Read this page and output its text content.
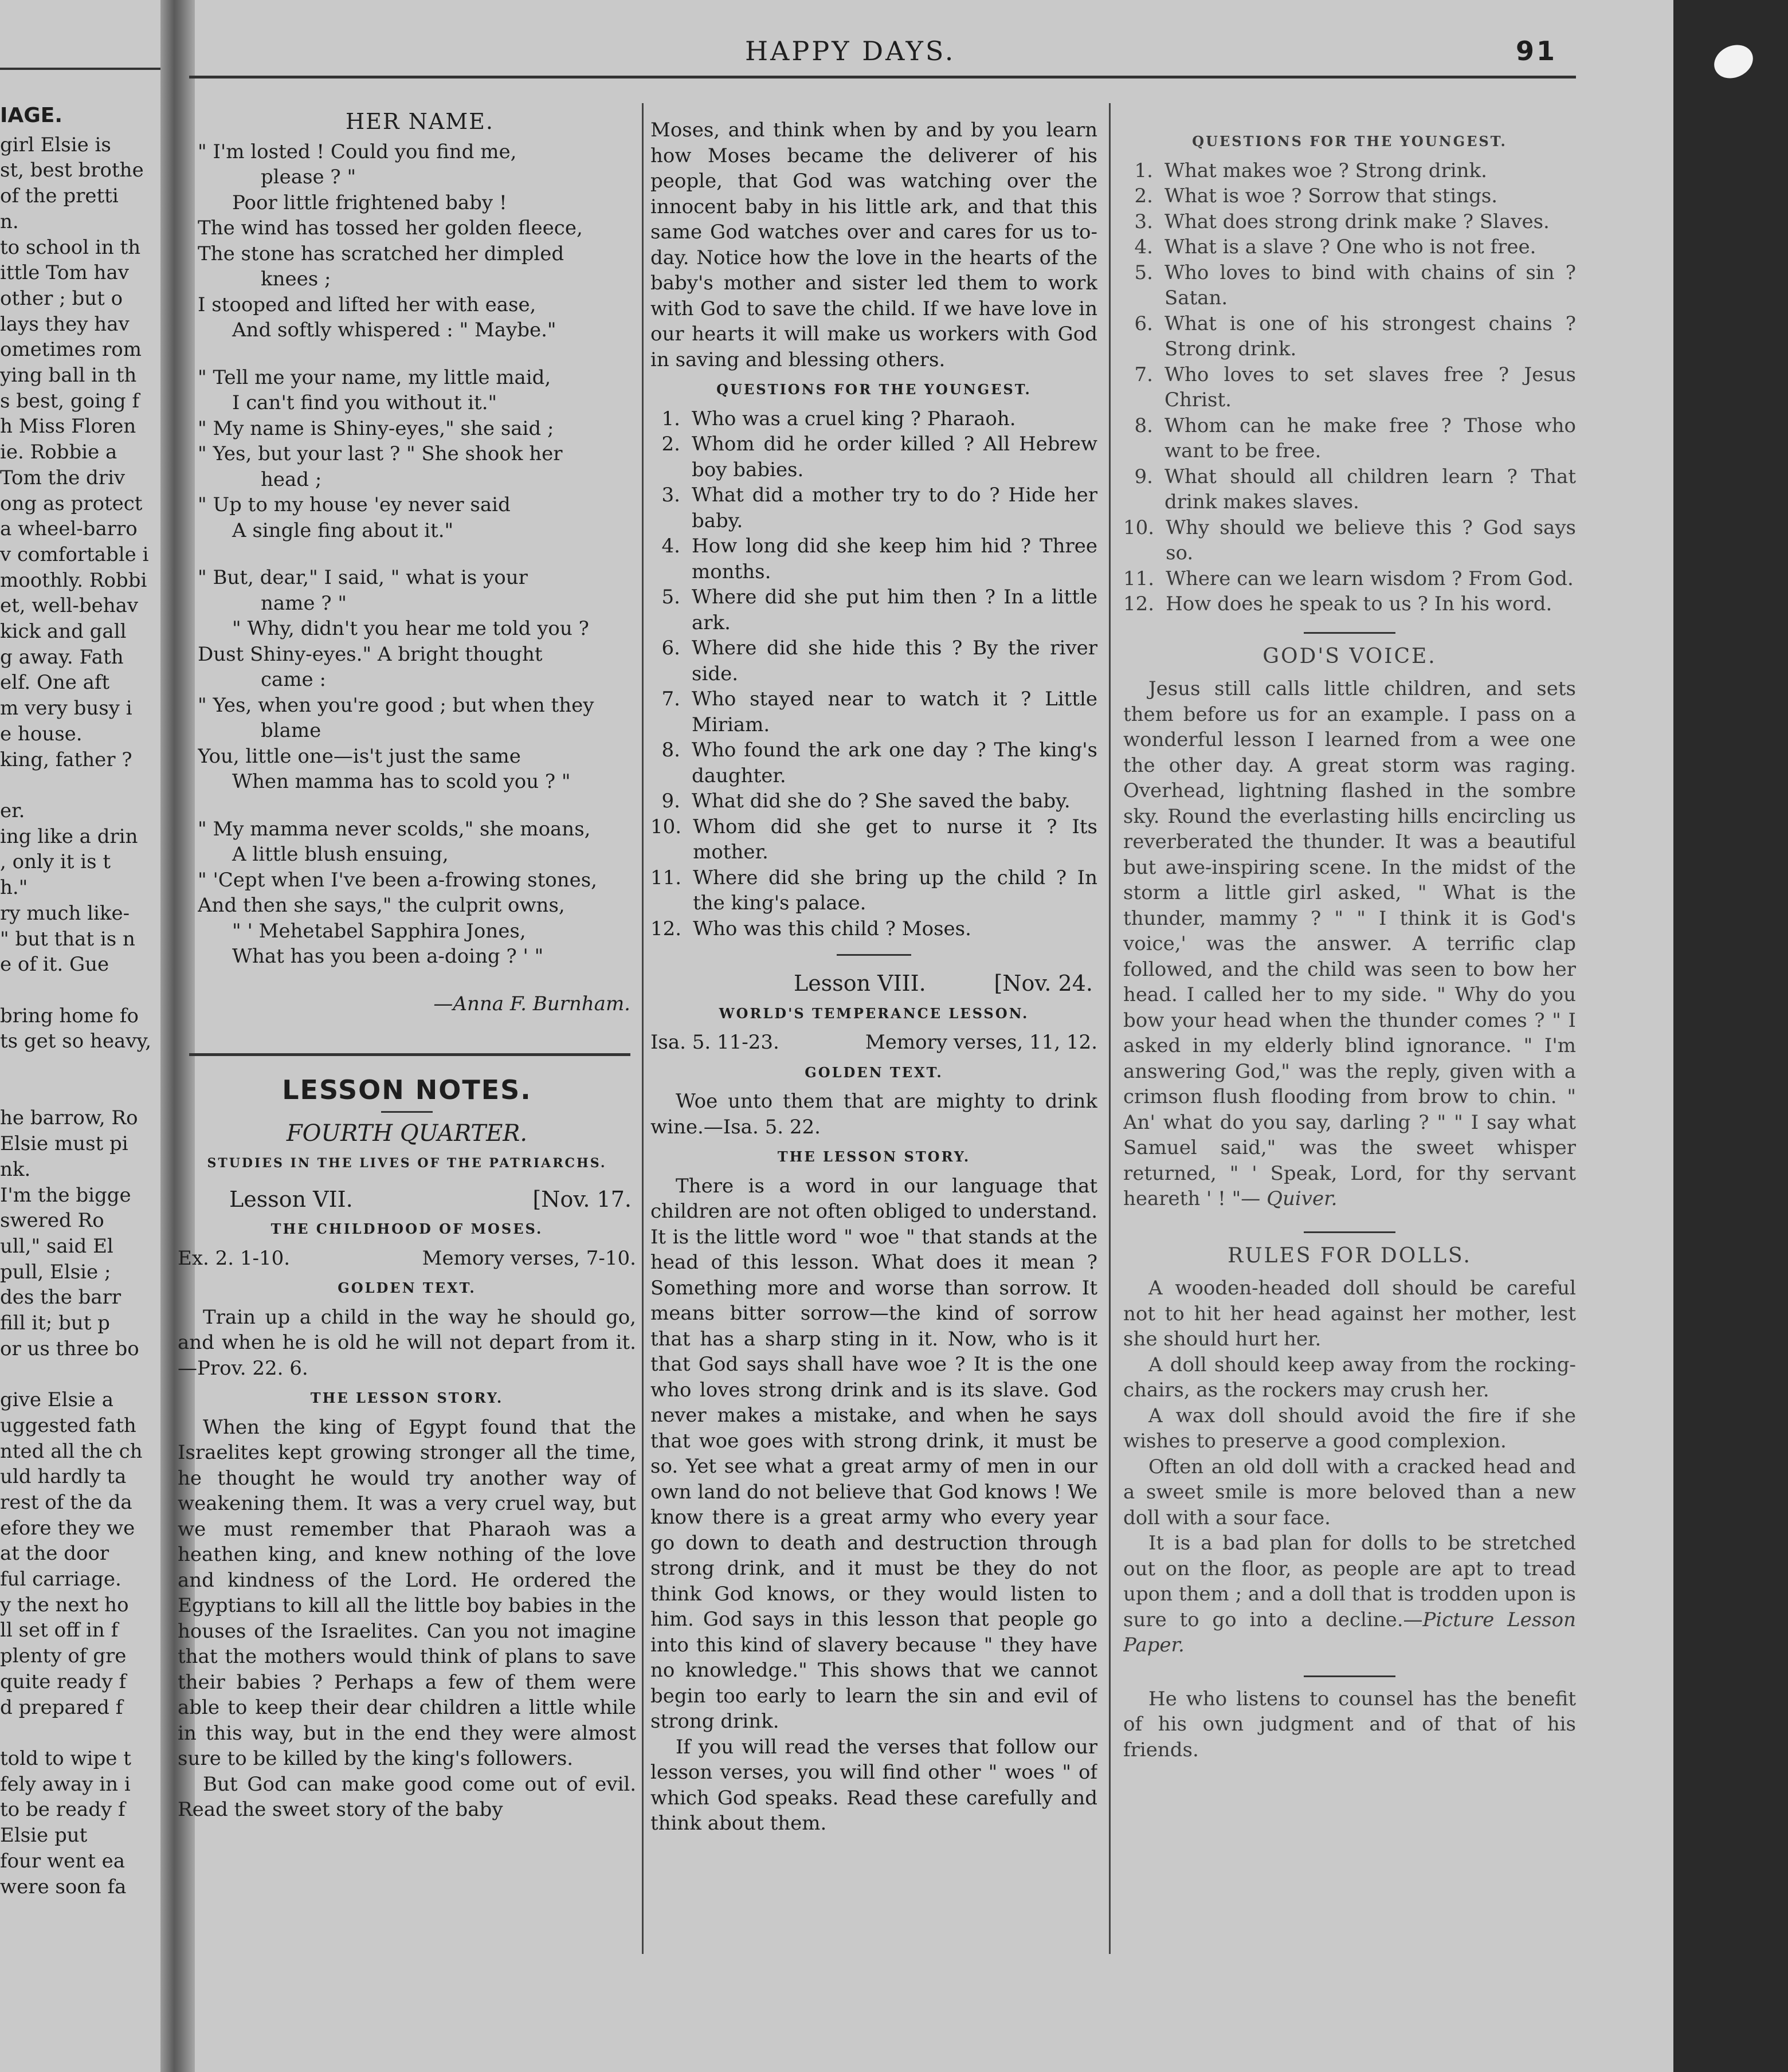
IAGE.
girl Elsie is
st, best brothe
of the pretti
n.
to school in th
ittle Tom hav
other ; but o
lays they hav
ometimes rom
ying ball in th
s best, going f
h Miss Floren
ie. Robbie a
Tom the driv
ong as protect
a wheel-barro
v comfortable i
moothly. Robbi
et, well-behav
kick and gall
g away. Fath
elf. One aft
m very busy i
e house.
king, father ?

er.
ing like a drin
, only it is t
h."
ry much like-
" but that is n
e of it. Gue

bring home fo
ts get so heavy,

he barrow, Ro
Elsie must pi
nk.
I'm the bigge
swered Ro
ull," said El
pull, Elsie ;
des the barr
fill it; but p
or us three bo

give Elsie a
uggested fath
nted all the ch
uld hardly ta
rest of the da
efore they we
at the door
ful carriage.
y the next ho
ll set off in f
plenty of gre
quite ready f
d prepared f

told to wipe t
fely away in i
to be ready f
Elsie put
four went ea
were soon fa
HAPPY DAYS.	91
HER NAME.
" I'm losted ! Could you find me,
please ? "
Poor little frightened baby !
The wind has tossed her golden fleece,
The stone has scratched her dimpled
knees ;
I stooped and lifted her with ease,
And softly whispered : " Maybe."
" Tell me your name, my little maid,
I can't find you without it."
" My name is Shiny-eyes," she said ;
" Yes, but your last ? " She shook her
head ;
" Up to my house 'ey never said
A single fing about it."
" But, dear," I said, " what is your
name ? "
" Why, didn't you hear me told you ?
Dust Shiny-eyes." A bright thought
came :
" Yes, when you're good ; but when they
blame
You, little one—is't just the same
When mamma has to scold you ? "
" My mamma never scolds," she moans,
A little blush ensuing,
" 'Cept when I've been a-frowing stones,
And then she says," the culprit owns,
" ' Mehetabel Sapphira Jones,
What has you been a-doing ? ' "
—Anna F. Burnham.
LESSON NOTES.
FOURTH QUARTER.
STUDIES IN THE LIVES OF THE PATRIARCHS.
Lesson VII.	[Nov. 17.
THE CHILDHOOD OF MOSES.
Ex. 2. 1-10.	Memory verses, 7-10.
GOLDEN TEXT.

Train up a child in the way he should go, and when he is old he will not depart from it.—Prov. 22. 6.

THE LESSON STORY.

When the king of Egypt found that the Israelites kept growing stronger all the time, he thought he would try another way of weakening them. It was a very cruel way, but we must remember that Pharaoh was a heathen king, and knew nothing of the love and kindness of the Lord. He ordered the Egyptians to kill all the little boy babies in the houses of the Israelites. Can you not imagine that the mothers would think of plans to save their babies ? Perhaps a few of them were able to keep their dear children a little while in this way, but in the end they were almost sure to be killed by the king's followers.

But God can make good come out of evil. Read the sweet story of the baby

Moses, and think when by and by you learn how Moses became the deliverer of his people, that God was watching over the innocent baby in his little ark, and that this same God watches over and cares for us to-day. Notice how the love in the hearts of the baby's mother and sister led them to work with God to save the child. If we have love in our hearts it will make us workers with God in saving and blessing others.

QUESTIONS FOR THE YOUNGEST.
1. Who was a cruel king ? Pharaoh.
2. Whom did he order killed ? All Hebrew boy babies.
3. What did a mother try to do ? Hide her baby.
4. How long did she keep him hid ? Three months.
5. Where did she put him then ? In a little ark.
6. Where did she hide this ? By the river side.
7. Who stayed near to watch it ? Little Miriam.
8. Who found the ark one day ? The king's daughter.
9. What did she do ? She saved the baby.
10. Whom did she get to nurse it ? Its mother.
11. Where did she bring up the child ? In the king's palace.
12. Who was this child ? Moses.
Lesson VIII.	[Nov. 24.
WORLD'S TEMPERANCE LESSON.
Isa. 5. 11-23.	Memory verses, 11, 12.
GOLDEN TEXT.

Woe unto them that are mighty to drink wine.—Isa. 5. 22.

THE LESSON STORY.

There is a word in our language that children are not often obliged to understand. It is the little word " woe " that stands at the head of this lesson. What does it mean ? Something more and worse than sorrow. It means bitter sorrow—the kind of sorrow that has a sharp sting in it. Now, who is it that God says shall have woe ? It is the one who loves strong drink and is its slave. God never makes a mistake, and when he says that woe goes with strong drink, it must be so. Yet see what a great army of men in our own land do not believe that God knows ! We know there is a great army who every year go down to death and destruction through strong drink, and it must be they do not think God knows, or they would listen to him. God says in this lesson that people go into this kind of slavery because " they have no knowledge." This shows that we cannot begin too early to learn the sin and evil of strong drink.

If you will read the verses that follow our lesson verses, you will find other " woes " of which God speaks. Read these carefully and think about them.

QUESTIONS FOR THE YOUNGEST.
1. What makes woe ? Strong drink.
2. What is woe ? Sorrow that stings.
3. What does strong drink make ? Slaves.
4. What is a slave ? One who is not free.
5. Who loves to bind with chains of sin ? Satan.
6. What is one of his strongest chains ? Strong drink.
7. Who loves to set slaves free ? Jesus Christ.
8. Whom can he make free ? Those who want to be free.
9. What should all children learn ? That drink makes slaves.
10. Why should we believe this ? God says so.
11. Where can we learn wisdom ? From God.
12. How does he speak to us ? In his word.
GOD'S VOICE.

Jesus still calls little children, and sets them before us for an example. I pass on a wonderful lesson I learned from a wee one the other day. A great storm was raging. Overhead, lightning flashed in the sombre sky. Round the everlasting hills encircling us reverberated the thunder. It was a beautiful but awe-inspiring scene. In the midst of the storm a little girl asked, " What is the thunder, mammy ? " " I think it is God's voice,' was the answer. A terrific clap followed, and the child was seen to bow her head. I called her to my side. " Why do you bow your head when the thunder comes ? " I asked in my elderly blind ignorance. " I'm answering God," was the reply, given with a crimson flush flooding from brow to chin. " An' what do you say, darling ? " " I say what Samuel said," was the sweet whisper returned, " ' Speak, Lord, for thy servant heareth ' ! "— Quiver.

RULES FOR DOLLS.

A wooden-headed doll should be careful not to hit her head against her mother, lest she should hurt her.

A doll should keep away from the rocking-chairs, as the rockers may crush her.

A wax doll should avoid the fire if she wishes to preserve a good complexion.

Often an old doll with a cracked head and a sweet smile is more beloved than a new doll with a sour face.

It is a bad plan for dolls to be stretched out on the floor, as people are apt to tread upon them ; and a doll that is trodden upon is sure to go into a decline.—Picture Lesson Paper.

He who listens to counsel has the benefit of his own judgment and of that of his friends.
